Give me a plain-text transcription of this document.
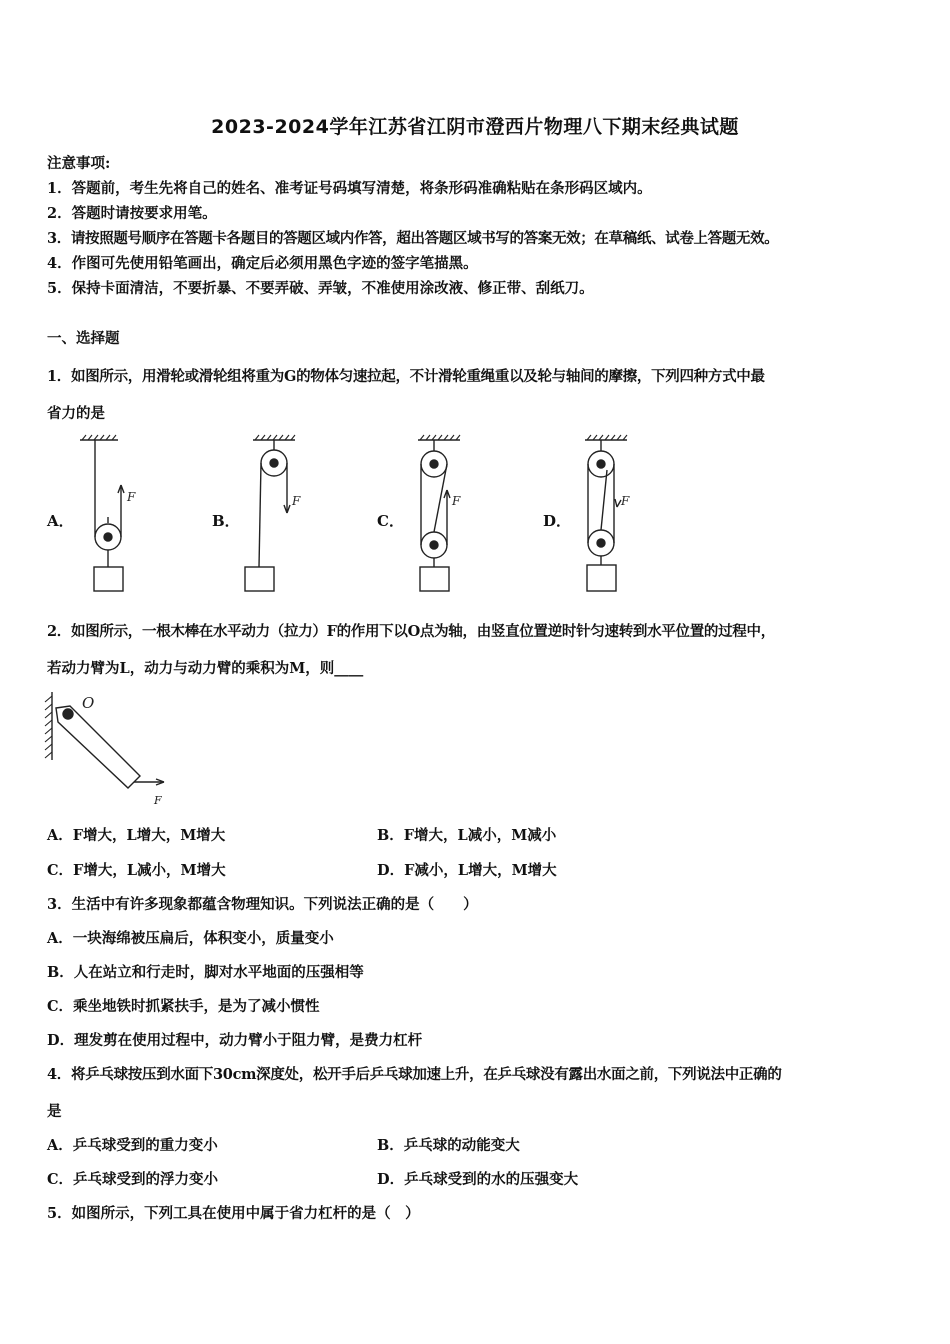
2023-2024学年江苏省江阴市澄西片物理八下期末经典试题
注意事项:
1．答题前，考生先将自己的姓名、准考证号码填写清楚，将条形码准确粘贴在条形码区域内。
2．答题时请按要求用笔。
3．请按照题号顺序在答题卡各题目的答题区域内作答，超出答题区域书写的答案无效；在草稿纸、试卷上答题无效。
4．作图可先使用铅笔画出，确定后必须用黑色字迹的签字笔描黑。
5．保持卡面清洁，不要折暴、不要弄破、弄皱，不准使用涂改液、修正带、刮纸刀。
一、选择题
1．如图所示，用滑轮或滑轮组将重为G的物体匀速拉起，不计滑轮重绳重以及轮与轴间的摩擦，下列四种方式中最
省力的是
A．	B．	C．	D．
F	F	F	F
2．如图所示，一根木棒在水平动力（拉力）F的作用下以O点为轴，由竖直位置逆时针匀速转到水平位置的过程中，
若动力臂为L，动力与动力臂的乘积为M，则____
O
F
A．F增大，L增大，M增大	B．F增大，L减小，M减小
C．F增大，L减小，M增大	D．F减小，L增大，M增大
3．生活中有许多现象都蕴含物理知识。下列说法正确的是（　　）
A．一块海绵被压扁后，体积变小，质量变小
B．人在站立和行走时，脚对水平地面的压强相等
C．乘坐地铁时抓紧扶手，是为了减小惯性
D．理发剪在使用过程中，动力臂小于阻力臂，是费力杠杆
4．将乒乓球按压到水面下30cm深度处，松开手后乒乓球加速上升，在乒乓球没有露出水面之前，下列说法中正确的
是
A．乒乓球受到的重力变小	B．乒乓球的动能变大
C．乒乓球受到的浮力变小	D．乒乓球受到的水的压强变大
5．如图所示，下列工具在使用中属于省力杠杆的是（　）
